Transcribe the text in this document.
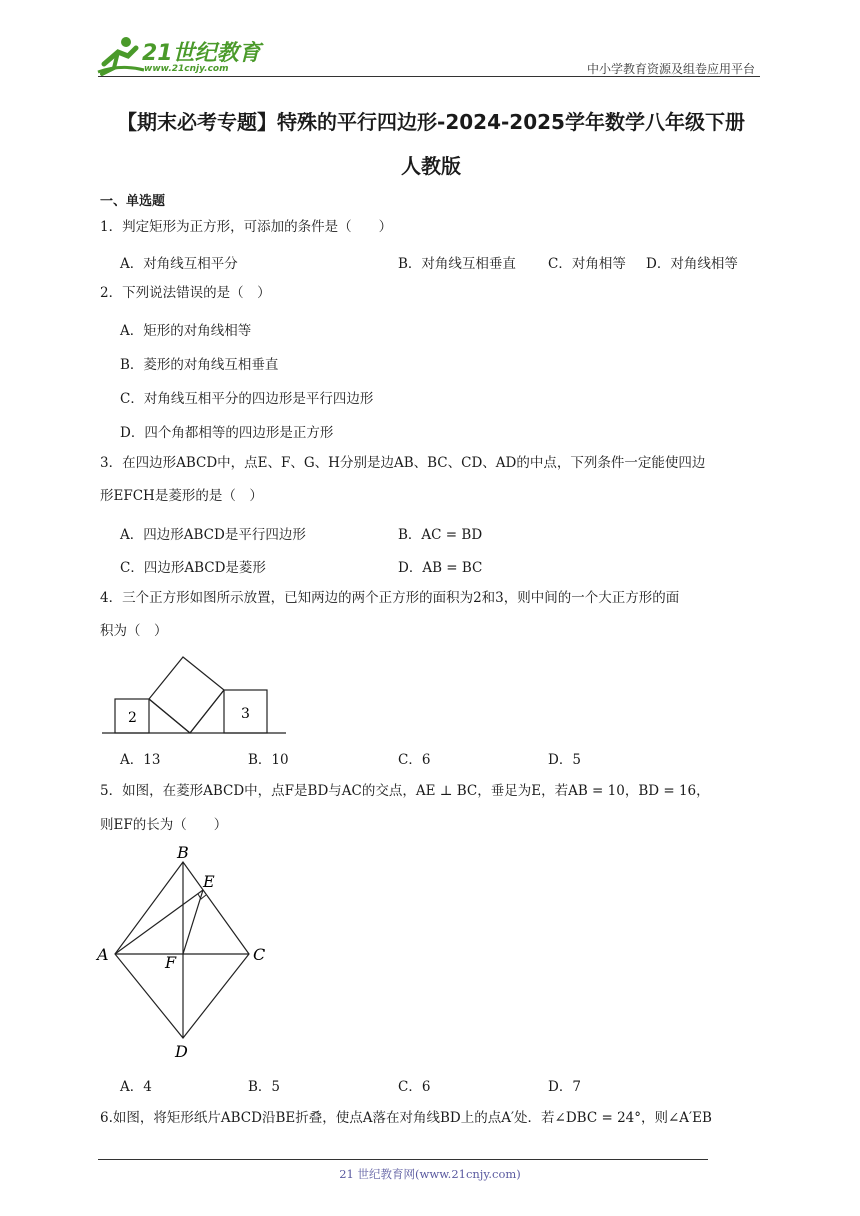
21世纪教育
www.21cnjy.com	中小学教育资源及组卷应用平台
【期末必考专题】特殊的平行四边形-2024-2025学年数学八年级下册
人教版
一、单选题
1．判定矩形为正方形，可添加的条件是（　　）
A．对角线互相平分	B．对角线互相垂直 C．对角相等 D．对角线相等
2．下列说法错误的是（　）
A．矩形的对角线相等
B．菱形的对角线互相垂直
C．对角线互相平分的四边形是平行四边形
D．四个角都相等的四边形是正方形
3．在四边形ABCD中，点E、F、G、H分别是边AB、BC、CD、AD的中点，下列条件一定能使四边
形EFCH是菱形的是（　）
A．四边形ABCD是平行四边形	B．AC = BD
C．四边形ABCD是菱形	D．AB = BC
4．三个正方形如图所示放置，已知两边的两个正方形的面积为2和3，则中间的一个大正方形的面
积为（　）
2	3
A．13	B．10	C．6	D．5
5．如图，在菱形ABCD中，点F是BD与AC的交点，AE ⊥ BC，垂足为E，若AB = 10，BD = 16，
则EF的长为（　　）
B
E
A	F	C
D
A．4	B．5	C．6	D．7
6.如图，将矩形纸片ABCD沿BE折叠，使点A落在对角线BD上的点A′处．若∠DBC = 24°，则∠A′EB
21 世纪教育网(www.21cnjy.com)
